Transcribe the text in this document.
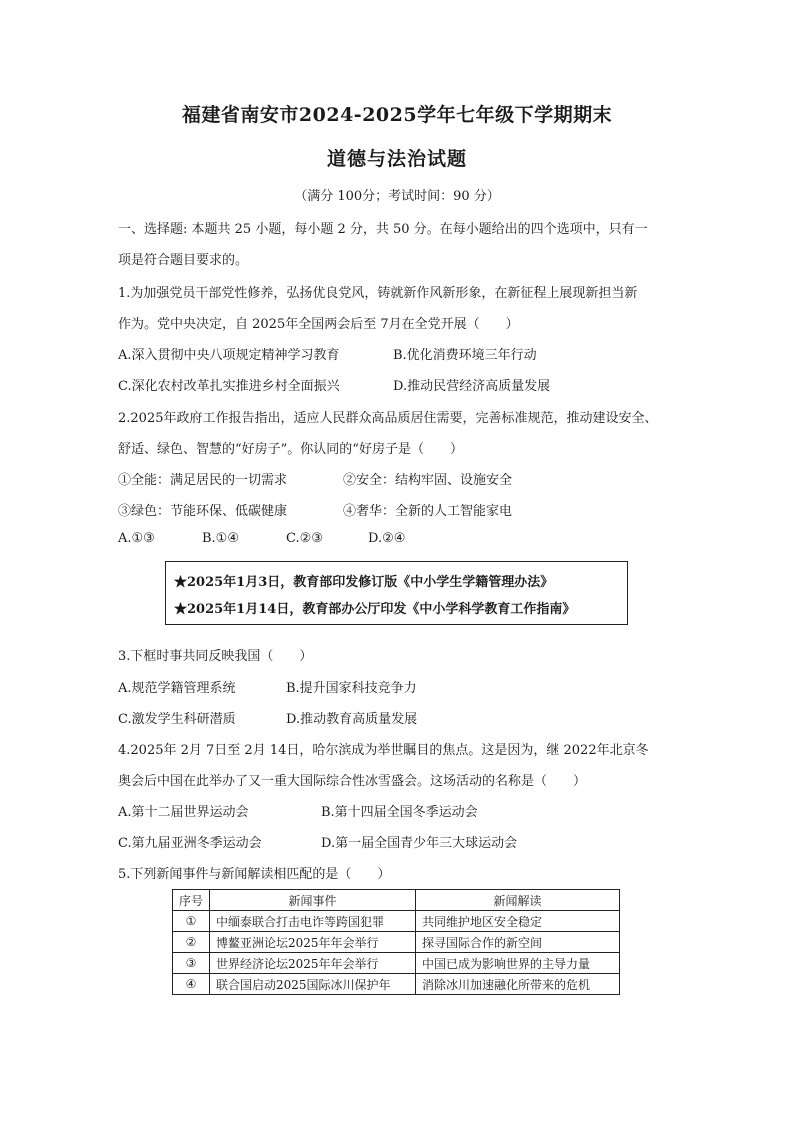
福建省南安市2024-2025学年七年级下学期期末
道德与法治试题
（满分 100分；考试时间：90 分）
一、选择题: 本题共 25 小题，每小题 2 分，共 50 分。在每小题给出的四个选项中，只有一
项是符合题目要求的。
1.为加强党员干部党性修养，弘扬优良党风，铸就新作风新形象，在新征程上展现新担当新
作为。党中央决定，自 2025年全国两会后至 7月在全党开展（　　）
A.深入贯彻中央八项规定精神学习教育	B.优化消费环境三年行动
C.深化农村改革扎实推进乡村全面振兴	D.推动民营经济高质量发展
2.2025年政府工作报告指出，适应人民群众高品质居住需要，完善标准规范，推动建设安全、
舒适、绿色、智慧的“好房子”。你认同的“好房子是（　　）
①全能：满足居民的一切需求	②安全：结构牢固、设施安全
③绿色：节能环保、低碳健康	④奢华：全新的人工智能家电
A.①③	B.①④	C.②③	D.②④
★2025年1月3日，教育部印发修订版《中小学生学籍管理办法》
★2025年1月14日，教育部办公厅印发《中小学科学教育工作指南》
3.下框时事共同反映我国（　　）
A.规范学籍管理系统	B.提升国家科技竞争力
C.激发学生科研潜质	D.推动教育高质量发展
4.2025年 2月 7日至 2月 14日，哈尔滨成为举世瞩目的焦点。这是因为，继 2022年北京冬
奥会后中国在此举办了又一重大国际综合性冰雪盛会。这场活动的名称是（　　）
A.第十二届世界运动会	B.第十四届全国冬季运动会
C.第九届亚洲冬季运动会	D.第一届全国青少年三大球运动会
5.下列新闻事件与新闻解读相匹配的是（　　）
序号	新闻事件	新闻解读
①	中缅泰联合打击电诈等跨国犯罪	共同维护地区安全稳定
②	博鳌亚洲论坛2025年年会举行	探寻国际合作的新空间
③	世界经济论坛2025年年会举行	中国已成为影响世界的主导力量
④	联合国启动2025国际冰川保护年	消除冰川加速融化所带来的危机
